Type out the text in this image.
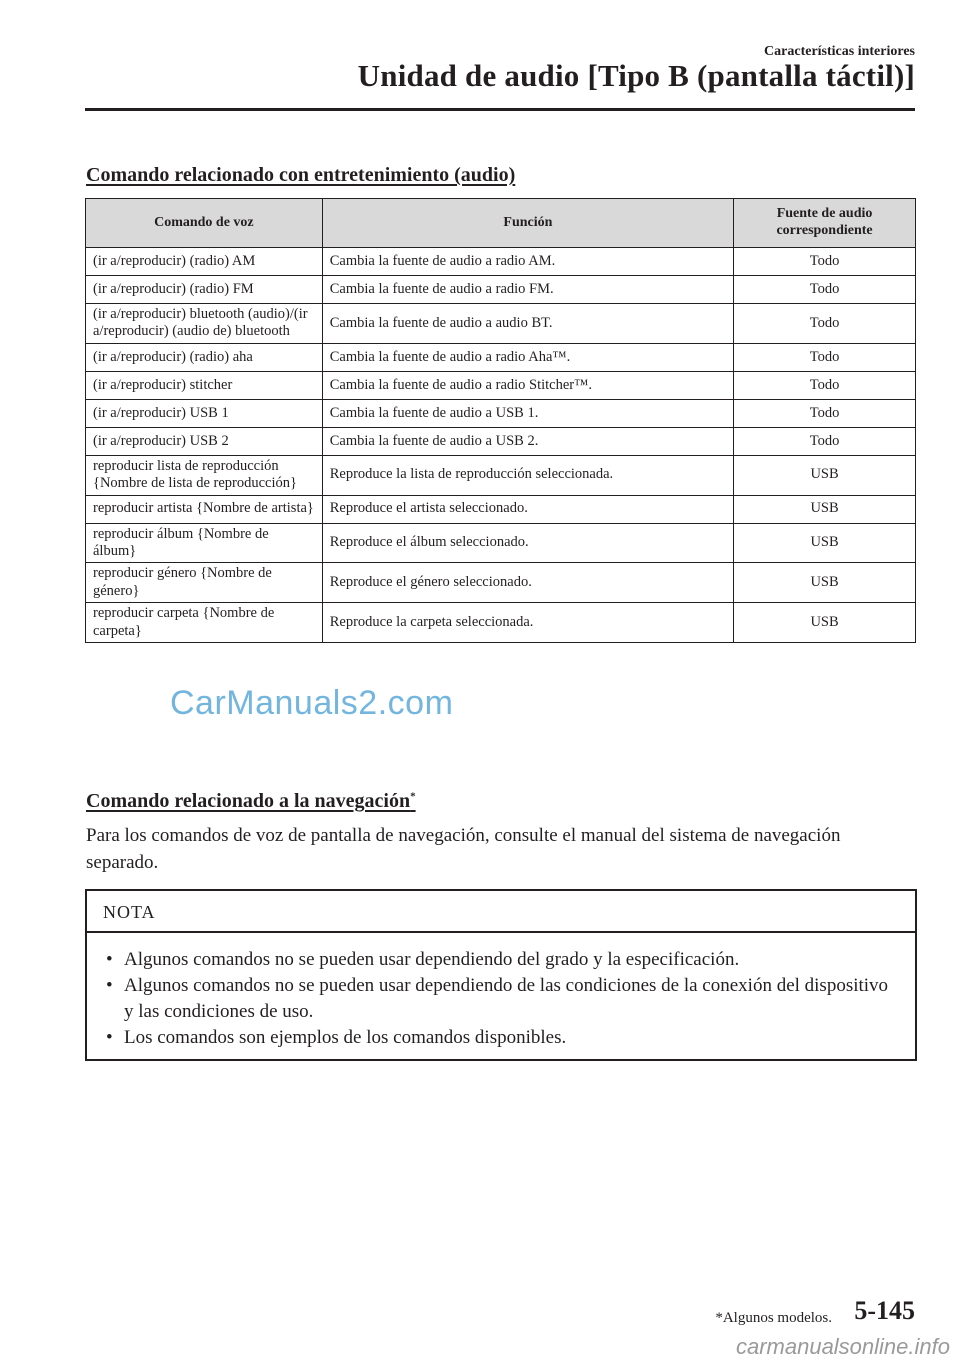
Características interiores
Unidad de audio [Tipo B (pantalla táctil)]
Comando relacionado con entretenimiento (audio)
Comando de voz	Función	Fuente de audio correspondiente
(ir a/reproducir) (radio) AM	Cambia la fuente de audio a radio AM.	Todo
(ir a/reproducir) (radio) FM	Cambia la fuente de audio a radio FM.	Todo
(ir a/reproducir) bluetooth (audio)/(ir a/reproducir) (audio de) bluetooth	Cambia la fuente de audio a audio BT.	Todo
(ir a/reproducir) (radio) aha	Cambia la fuente de audio a radio Aha™.	Todo
(ir a/reproducir) stitcher	Cambia la fuente de audio a radio Stitcher™.	Todo
(ir a/reproducir) USB 1	Cambia la fuente de audio a USB 1.	Todo
(ir a/reproducir) USB 2	Cambia la fuente de audio a USB 2.	Todo
reproducir lista de reproducción {Nombre de lista de reproducción}	Reproduce la lista de reproducción seleccionada.	USB
reproducir artista {Nombre de artista}	Reproduce el artista seleccionado.	USB
reproducir álbum {Nombre de álbum}	Reproduce el álbum seleccionado.	USB
reproducir género {Nombre de género}	Reproduce el género seleccionado.	USB
reproducir carpeta {Nombre de carpeta}	Reproduce la carpeta seleccionada.	USB
CarManuals2.com
Comando relacionado a la navegación*
Para los comandos de voz de pantalla de navegación, consulte el manual del sistema de navegación separado.
NOTA
• Algunos comandos no se pueden usar dependiendo del grado y la especificación.
• Algunos comandos no se pueden usar dependiendo de las condiciones de la conexión del dispositivo y las condiciones de uso.
• Los comandos son ejemplos de los comandos disponibles.
*Algunos modelos. 5-145
carmanualsonline.info
